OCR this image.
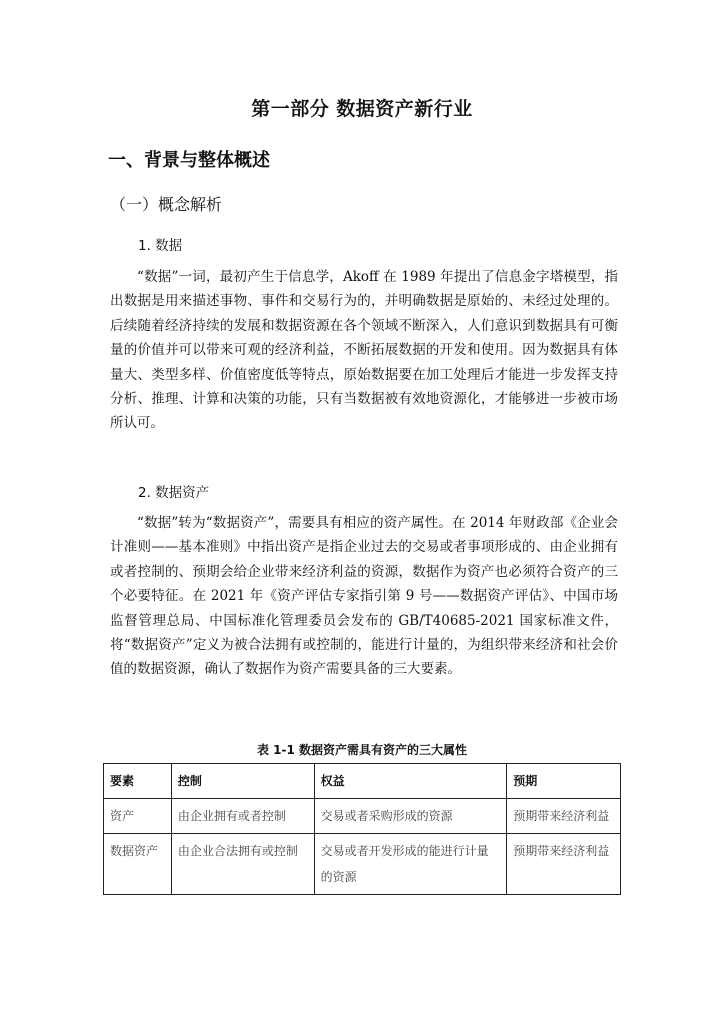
第一部分 数据资产新行业
一、背景与整体概述
（一）概念解析
1. 数据

“数据”一词，最初产生于信息学，Akoff 在 1989 年提出了信息金字塔模型，指出数据是用来描述事物、事件和交易行为的，并明确数据是原始的、未经过处理的。后续随着经济持续的发展和数据资源在各个领域不断深入，人们意识到数据具有可衡量的价值并可以带来可观的经济利益，不断拓展数据的开发和使用。因为数据具有体量大、类型多样、价值密度低等特点，原始数据要在加工处理后才能进一步发挥支持分析、推理、计算和决策的功能，只有当数据被有效地资源化，才能够进一步被市场所认可。

2. 数据资产

“数据”转为“数据资产”，需要具有相应的资产属性。在 2014 年财政部《企业会计准则——基本准则》中指出资产是指企业过去的交易或者事项形成的、由企业拥有或者控制的、预期会给企业带来经济利益的资源，数据作为资产也必须符合资产的三个必要特征。在 2021 年《资产评估专家指引第 9 号——数据资产评估》、中国市场监督管理总局、中国标准化管理委员会发布的 GB/T40685-2021 国家标准文件，将“数据资产”定义为被合法拥有或控制的，能进行计量的，为组织带来经济和社会价值的数据资源，确认了数据作为资产需要具备的三大要素。

表 1-1 数据资产需具有资产的三大属性
要素	控制	权益	预期
资产	由企业拥有或者控制	交易或者采购形成的资源	预期带来经济利益
数据资产	由企业合法拥有或控制	交易或者开发形成的能进行计量的资源	预期带来经济利益
